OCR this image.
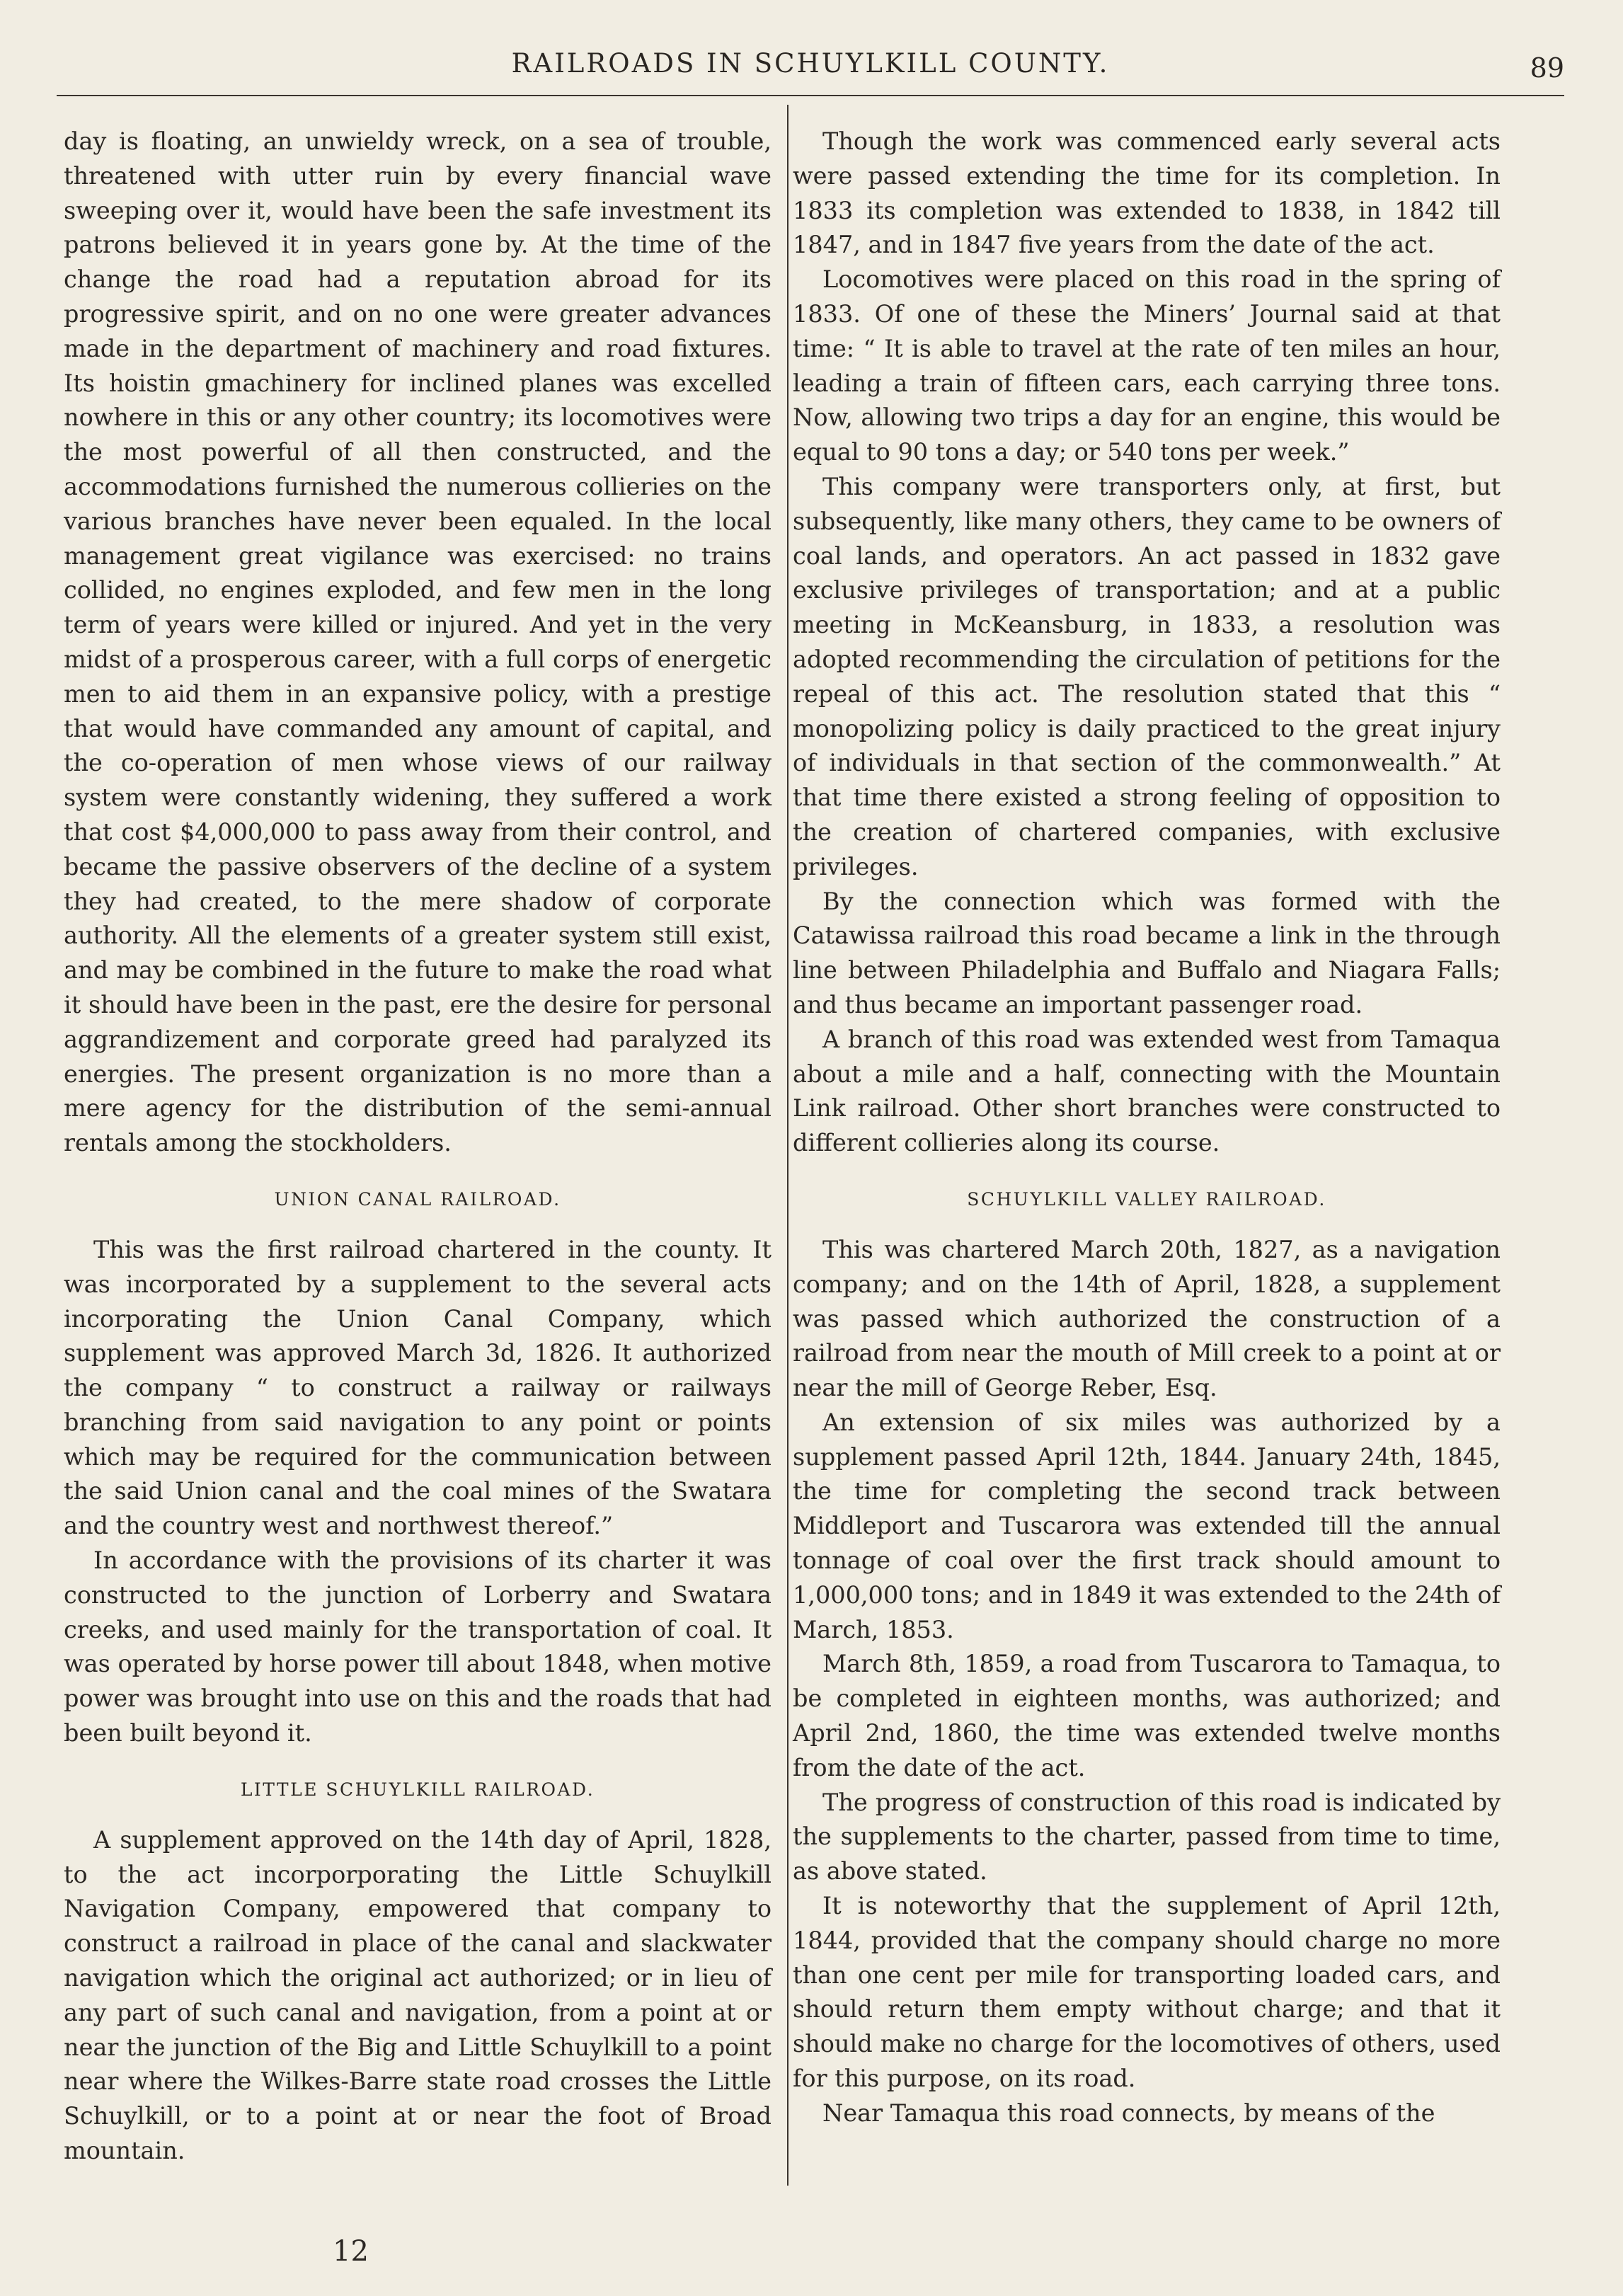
RAILROADS IN SCHUYLKILL COUNTY.	89

day is floating, an unwieldy wreck, on a sea of trouble, threatened with utter ruin by every financial wave sweeping over it, would have been the safe investment its patrons believed it in years gone by. At the time of the change the road had a reputation abroad for its progressive spirit, and on no one were greater advances made in the department of machinery and road fixtures. Its hoistin gmachinery for inclined planes was excelled nowhere in this or any other country; its locomotives were the most powerful of all then constructed, and the accommodations furnished the numerous collieries on the various branches have never been equaled. In the local management great vigilance was exercised: no trains collided, no engines exploded, and few men in the long term of years were killed or injured. And yet in the very midst of a prosperous career, with a full corps of energetic men to aid them in an expansive policy, with a prestige that would have commanded any amount of capital, and the co-operation of men whose views of our railway system were constantly widening, they suffered a work that cost $4,000,000 to pass away from their control, and became the passive observers of the decline of a system they had created, to the mere shadow of corporate authority. All the elements of a greater system still exist, and may be combined in the future to make the road what it should have been in the past, ere the desire for personal aggrandizement and corporate greed had paralyzed its energies. The present organization is no more than a mere agency for the distribution of the semi-annual rentals among the stockholders.

UNION CANAL RAILROAD.

This was the first railroad chartered in the county. It was incorporated by a supplement to the several acts incorporating the Union Canal Company, which supplement was approved March 3d, 1826. It authorized the company “ to construct a railway or railways branching from said navigation to any point or points which may be required for the communication between the said Union canal and the coal mines of the Swatara and the country west and northwest thereof.”

In accordance with the provisions of its charter it was constructed to the junction of Lorberry and Swatara creeks, and used mainly for the transportation of coal. It was operated by horse power till about 1848, when motive power was brought into use on this and the roads that had been built beyond it.

LITTLE SCHUYLKILL RAILROAD.

A supplement approved on the 14th day of April, 1828, to the act incorporporating the Little Schuylkill Navigation Company, empowered that company to construct a railroad in place of the canal and slackwater navigation which the original act authorized; or in lieu of any part of such canal and navigation, from a point at or near the junction of the Big and Little Schuylkill to a point near where the Wilkes-Barre state road crosses the Little Schuylkill, or to a point at or near the foot of Broad mountain.

Though the work was commenced early several acts were passed extending the time for its completion. In 1833 its completion was extended to 1838, in 1842 till 1847, and in 1847 five years from the date of the act.

Locomotives were placed on this road in the spring of 1833. Of one of these the Miners’ Journal said at that time: “ It is able to travel at the rate of ten miles an hour, leading a train of fifteen cars, each carrying three tons. Now, allowing two trips a day for an engine, this would be equal to 90 tons a day; or 540 tons per week.”

This company were transporters only, at first, but subsequently, like many others, they came to be owners of coal lands, and operators. An act passed in 1832 gave exclusive privileges of transportation; and at a public meeting in McKeansburg, in 1833, a resolution was adopted recommending the circulation of petitions for the repeal of this act. The resolution stated that this “ monopolizing policy is daily practiced to the great injury of individuals in that section of the commonwealth.” At that time there existed a strong feeling of opposition to the creation of chartered companies, with exclusive privileges.

By the connection which was formed with the Catawissa railroad this road became a link in the through line between Philadelphia and Buffalo and Niagara Falls; and thus became an important passenger road.

A branch of this road was extended west from Tamaqua about a mile and a half, connecting with the Mountain Link railroad. Other short branches were constructed to different collieries along its course.

SCHUYLKILL VALLEY RAILROAD.

This was chartered March 20th, 1827, as a navigation company; and on the 14th of April, 1828, a supplement was passed which authorized the construction of a railroad from near the mouth of Mill creek to a point at or near the mill of George Reber, Esq.

An extension of six miles was authorized by a supplement passed April 12th, 1844. January 24th, 1845, the time for completing the second track between Middleport and Tuscarora was extended till the annual tonnage of coal over the first track should amount to 1,000,000 tons; and in 1849 it was extended to the 24th of March, 1853.

March 8th, 1859, a road from Tuscarora to Tamaqua, to be completed in eighteen months, was authorized; and April 2nd, 1860, the time was extended twelve months from the date of the act.

The progress of construction of this road is indicated by the supplements to the charter, passed from time to time, as above stated.

It is noteworthy that the supplement of April 12th, 1844, provided that the company should charge no more than one cent per mile for transporting loaded cars, and should return them empty without charge; and that it should make no charge for the locomotives of others, used for this purpose, on its road.

Near Tamaqua this road connects, by means of the

12
